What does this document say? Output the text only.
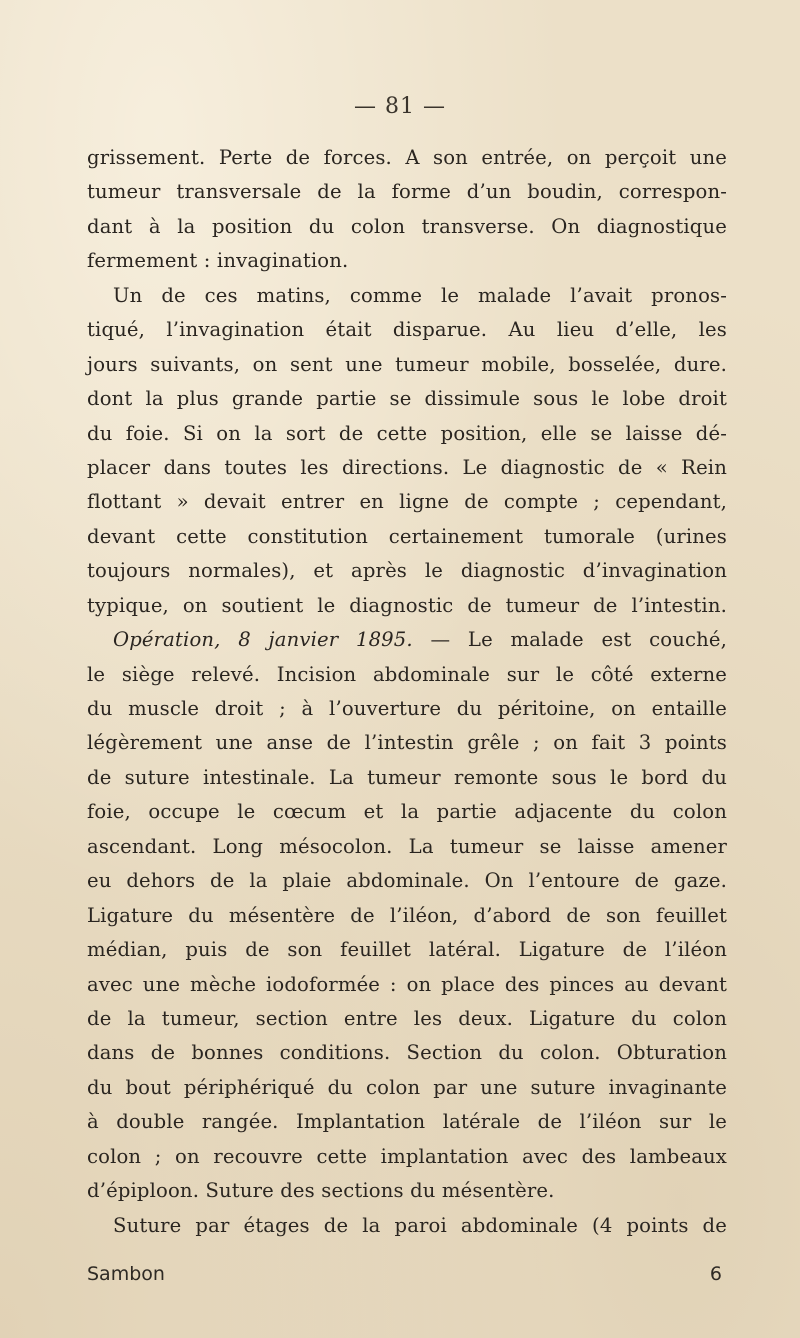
— 81 —
grissement. Perte de forces. A son entrée, on perçoit une
tumeur transversale de la forme d’un boudin, correspon-
dant à la position du colon transverse. On diagnostique
fermement : invagination.
Un de ces matins, comme le malade l’avait pronos-
tiqué, l’invagination était disparue. Au lieu d’elle, les
jours suivants, on sent une tumeur mobile, bosselée, dure.
dont la plus grande partie se dissimule sous le lobe droit
du foie. Si on la sort de cette position, elle se laisse dé-
placer dans toutes les directions. Le diagnostic de « Rein
flottant » devait entrer en ligne de compte ; cependant,
devant cette constitution certainement tumorale (urines
toujours normales), et après le diagnostic d’invagination
typique, on soutient le diagnostic de tumeur de l’intestin.
Opération, 8 janvier 1895. — Le malade est couché,
le siège relevé. Incision abdominale sur le côté externe
du muscle droit ; à l’ouverture du péritoine, on entaille
légèrement une anse de l’intestin grêle ; on fait 3 points
de suture intestinale. La tumeur remonte sous le bord du
foie, occupe le cœcum et la partie adjacente du colon
ascendant. Long mésocolon. La tumeur se laisse amener
eu dehors de la plaie abdominale. On l’entoure de gaze.
Ligature du mésentère de l’iléon, d’abord de son feuillet
médian, puis de son feuillet latéral. Ligature de l’iléon
avec une mèche iodoformée : on place des pinces au devant
de la tumeur, section entre les deux. Ligature du colon
dans de bonnes conditions. Section du colon. Obturation
du bout périphériqué du colon par une suture invaginante
à double rangée. Implantation latérale de l’iléon sur le
colon ; on recouvre cette implantation avec des lambeaux
d’épiploon. Suture des sections du mésentère.
Suture par étages de la paroi abdominale (4 points de
Sambon	6
